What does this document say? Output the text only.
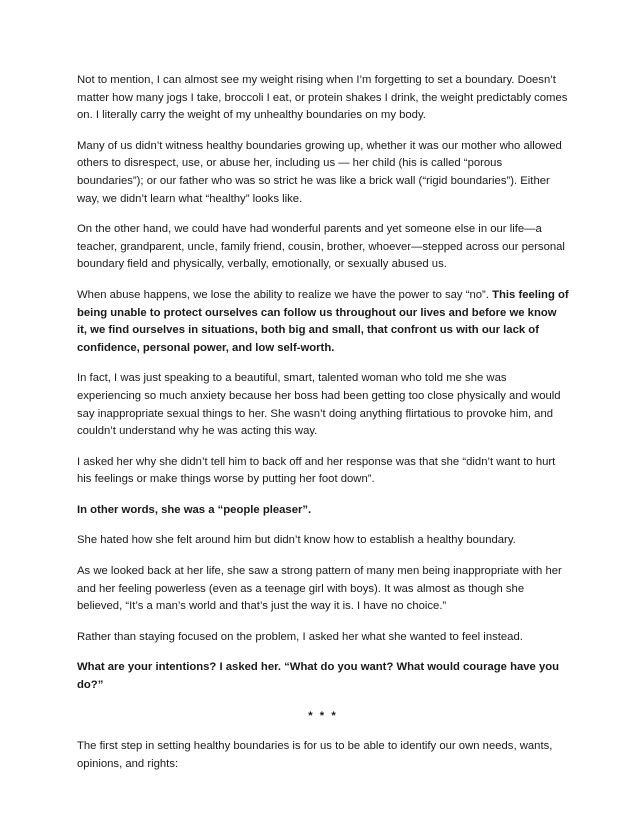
Not to mention, I can almost see my weight rising when I’m forgetting to set a boundary. Doesn’t matter how many jogs I take, broccoli I eat, or protein shakes I drink, the weight predictably comes on. I literally carry the weight of my unhealthy boundaries on my body.

Many of us didn’t witness healthy boundaries growing up, whether it was our mother who allowed others to disrespect, use, or abuse her, including us — her child (his is called “porous boundaries”); or our father who was so strict he was like a brick wall (“rigid boundaries”). Either way, we didn’t learn what “healthy” looks like.

On the other hand, we could have had wonderful parents and yet someone else in our life—a teacher, grandparent, uncle, family friend, cousin, brother, whoever—stepped across our personal boundary field and physically, verbally, emotionally, or sexually abused us.

When abuse happens, we lose the ability to realize we have the power to say “no”. This feeling of being unable to protect ourselves can follow us throughout our lives and before we know it, we find ourselves in situations, both big and small, that confront us with our lack of confidence, personal power, and low self-worth.

In fact, I was just speaking to a beautiful, smart, talented woman who told me she was experiencing so much anxiety because her boss had been getting too close physically and would say inappropriate sexual things to her. She wasn’t doing anything flirtatious to provoke him, and couldn’t understand why he was acting this way.

I asked her why she didn’t tell him to back off and her response was that she “didn’t want to hurt his feelings or make things worse by putting her foot down”.

In other words, she was a “people pleaser”.

She hated how she felt around him but didn’t know how to establish a healthy boundary.

As we looked back at her life, she saw a strong pattern of many men being inappropriate with her and her feeling powerless (even as a teenage girl with boys). It was almost as though she believed, “It’s a man’s world and that’s just the way it is. I have no choice.”

Rather than staying focused on the problem, I asked her what she wanted to feel instead.

What are your intentions? I asked her. “What do you want? What would courage have you do?”

* * *

The first step in setting healthy boundaries is for us to be able to identify our own needs, wants, opinions, and rights:
